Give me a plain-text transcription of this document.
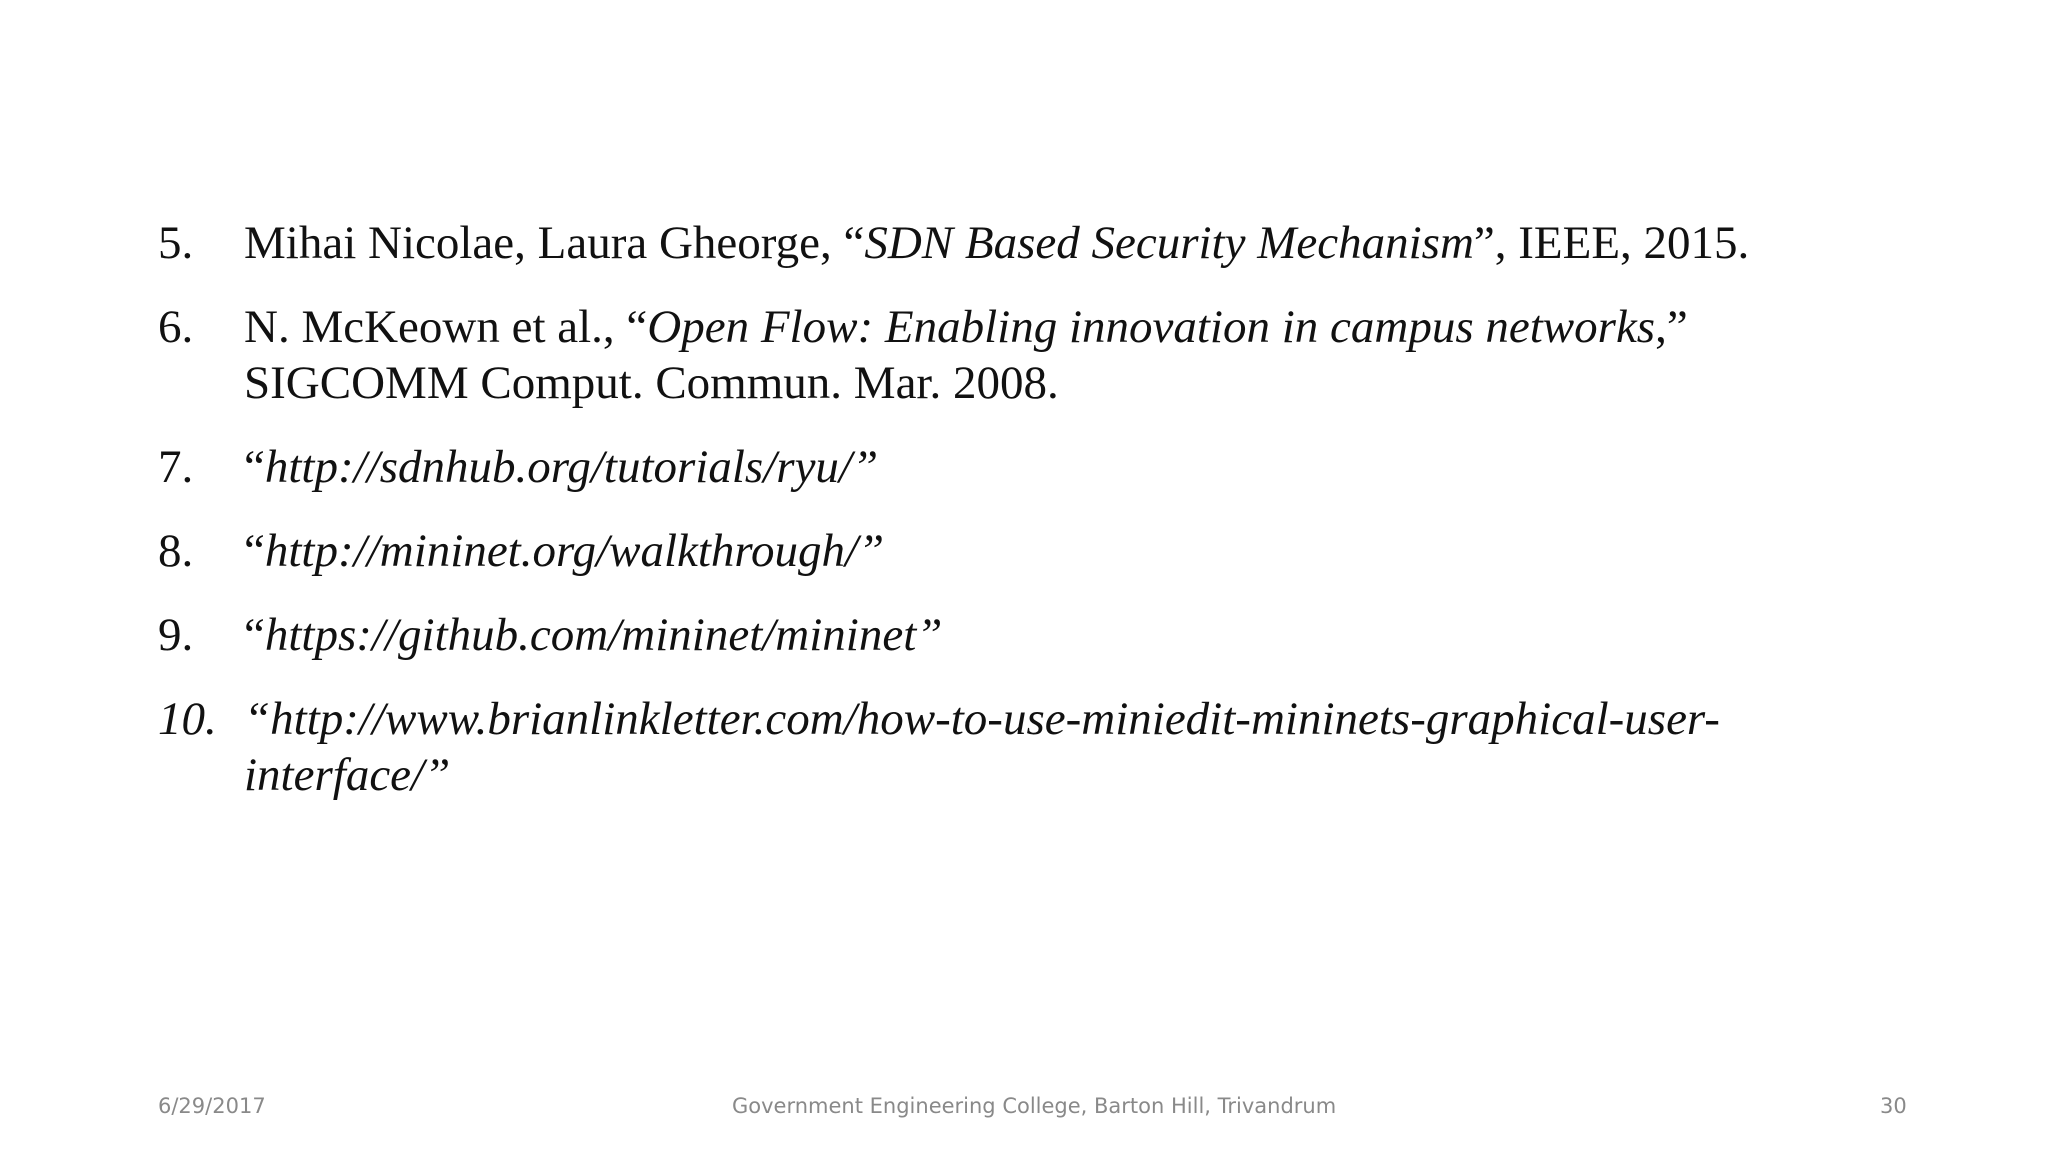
5. Mihai Nicolae, Laura Gheorge, “SDN Based Security Mechanism”, IEEE, 2015.
6. N. McKeown et al., “Open Flow: Enabling innovation in campus networks,” SIGCOMM Comput. Commun. Mar. 2008.
7. “http://sdnhub.org/tutorials/ryu/”
8. “http://mininet.org/walkthrough/”
9. “https://github.com/mininet/mininet”
10. “http://www.brianlinkletter.com/how-to-use-miniedit-mininets-graphical-user-interface/”
6/29/2017	Government Engineering College, Barton Hill, Trivandrum	30
